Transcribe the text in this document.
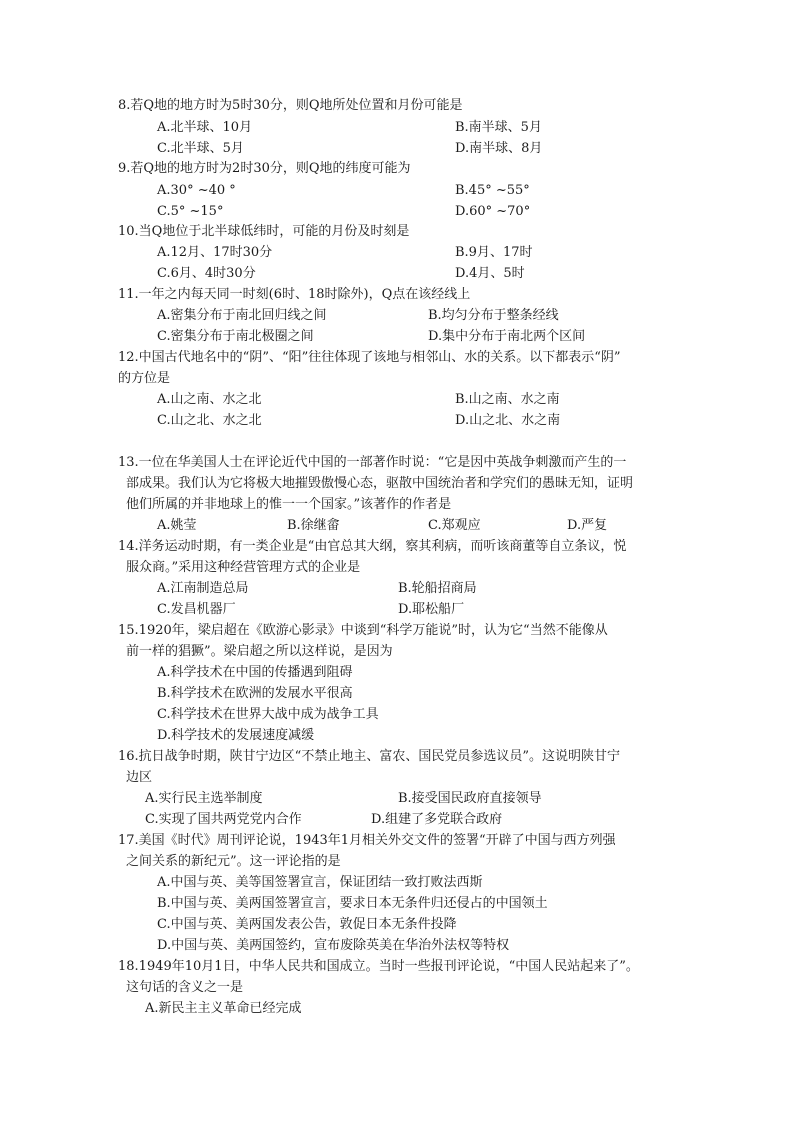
8.若Q地的地方时为5时30分，则Q地所处位置和月份可能是
A.北半球、10月	B.南半球、5月
C.北半球、5月	D.南半球、8月
9.若Q地的地方时为2时30分，则Q地的纬度可能为
A.30° ~40 °	B.45° ~55°
C.5° ~15°	D.60° ~70°
10.当Q地位于北半球低纬时，可能的月份及时刻是
A.12月、17时30分	B.9月、17时
C.6月、4时30分	D.4月、5时
11.一年之内每天同一时刻(6时、18时除外)，Q点在该经线上
A.密集分布于南北回归线之间	B.均匀分布于整条经线
C.密集分布于南北极圈之间	D.集中分布于南北两个区间
12.中国古代地名中的“阴”、“阳”往往体现了该地与相邻山、水的关系。以下都表示“阴”
的方位是
A.山之南、水之北	B.山之南、水之南
C.山之北、水之北	D.山之北、水之南
13.一位在华美国人士在评论近代中国的一部著作时说：“它是因中英战争刺激而产生的一
部成果。我们认为它将极大地摧毁傲慢心态，驱散中国统治者和学究们的愚昧无知，证明
他们所属的并非地球上的惟一一个国家。”该著作的作者是
A.姚莹	B.徐继畲	C.郑观应	D.严复
14.洋务运动时期，有一类企业是“由官总其大纲，察其利病，而听该商董等自立条议，悦
服众商。”采用这种经营管理方式的企业是
A.江南制造总局	B.轮船招商局
C.发昌机器厂	D.耶松船厂
15.1920年，梁启超在《欧游心影录》中谈到“科学万能说”时，认为它“当然不能像从
前一样的猖獗”。梁启超之所以这样说，是因为
A.科学技术在中国的传播遇到阻碍
B.科学技术在欧洲的发展水平很高
C.科学技术在世界大战中成为战争工具
D.科学技术的发展速度减缓
16.抗日战争时期，陕甘宁边区“不禁止地主、富农、国民党员参选议员”。这说明陕甘宁
边区
A.实行民主选举制度	B.接受国民政府直接领导
C.实现了国共两党党内合作	D.组建了多党联合政府
17.美国《时代》周刊评论说，1943年1月相关外交文件的签署“开辟了中国与西方列强
之间关系的新纪元”。这一评论指的是
A.中国与英、美等国签署宣言，保证团结一致打败法西斯
B.中国与英、美两国签署宣言，要求日本无条件归还侵占的中国领土
C.中国与英、美两国发表公告，敦促日本无条件投降
D.中国与英、美两国签约，宣布废除英美在华治外法权等特权
18.1949年10月1日，中华人民共和国成立。当时一些报刊评论说，“中国人民站起来了”。
这句话的含义之一是
A.新民主主义革命已经完成
